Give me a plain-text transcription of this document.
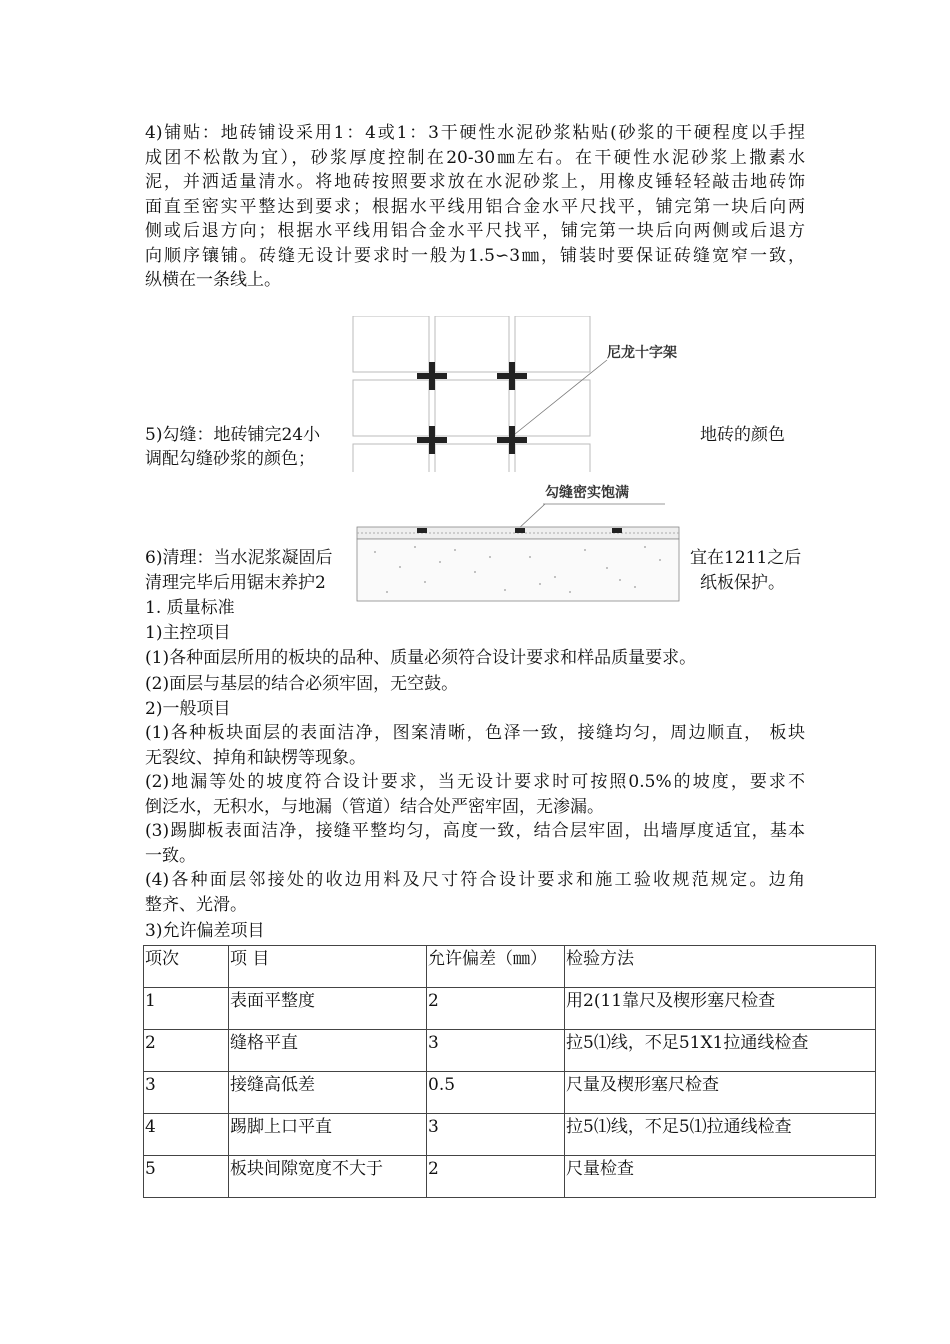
4)铺贴：地砖铺设采用1：4或1：3干硬性水泥砂浆粘贴(砂浆的干硬程度以手捏
成团不松散为宜），砂浆厚度控制在20-30㎜左右。在干硬性水泥砂浆上撒素水
泥，并洒适量清水。将地砖按照要求放在水泥砂浆上，用橡皮锤轻轻敲击地砖饰
面直至密实平整达到要求；根据水平线用铝合金水平尺找平，铺完第一块后向两
侧或后退方向；根据水平线用铝合金水平尺找平，铺完第一块后向两侧或后退方
向顺序镶铺。砖缝无设计要求时一般为1.5∽3㎜，铺装时要保证砖缝宽窄一致，
纵横在一条线上。
5)勾缝：地砖铺完24小	地砖的颜色
调配勾缝砂浆的颜色；
6)清理：当水泥浆凝固后	宜在1211之后
清理完毕后用锯末养护2	纸板保护。
尼龙十字架
勾缝密实饱满
1. 质量标准
1)主控项目
(1)各种面层所用的板块的品种、质量必须符合设计要求和样品质量要求。
(2)面层与基层的结合必须牢固，无空鼓。
2)一般项目
(1)各种板块面层的表面洁净，图案清晰，色泽一致，接缝均匀，周边顺直， 板块
无裂纹、掉角和缺楞等现象。
(2)地漏等处的坡度符合设计要求，当无设计要求时可按照0.5%的坡度，要求不
倒泛水，无积水，与地漏（管道）结合处严密牢固，无渗漏。
(3)踢脚板表面洁净，接缝平整均匀，高度一致，结合层牢固，出墙厚度适宜，基本
一致。
(4)各种面层邻接处的收边用料及尺寸符合设计要求和施工验收规范规定。边角
整齐、光滑。
3)允许偏差项目
项次	项 目	允许偏差（㎜）	检验方法
1	表面平整度	2	用2(11靠尺及楔形塞尺检查
2	缝格平直	3	拉5⑴线，不足51X1拉通线检查
3	接缝高低差	0.5	尺量及楔形塞尺检查
4	踢脚上口平直	3	拉5⑴线，不足5⑴拉通线检查
5	板块间隙宽度不大于	2	尺量检查
